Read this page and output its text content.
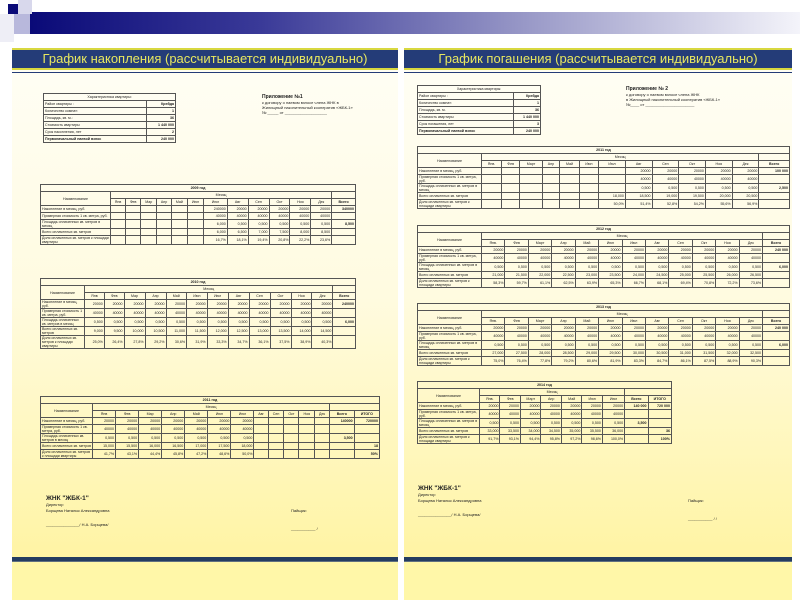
График накопления (рассчитывается индивидуально)
Характеристика квартиры:	
Район квартиры :	Крейда
Количество комнат:	1
Площадь, кв. м.:	36
Стоимость квартиры	1 440 000
Срок накопления, лет	2
Первоначальный паевой взнос	240 000
Приложение №1
к договору о паевом взносе члена ЖНК в
Жилищный накопительный кооператив «ЖБК-1»
№ _____ от ___________________
2009 год													
Наименование	Месяц												
	Янв	Фев	Мар	Апр	Май	Июн	Июл	Авг	Сен	Окт	Ноя	Дек	Всего
Накопление в месяц, руб.							240000	20000	20000	20000	20000	20000	340000
Примерная стоимость 1 кв. метра, руб.							40000	40000	40000	40000	40000	40000	
Площадь оплаченных кв. метров в месяц							6,000	0,500	0,500	0,500	0,500	0,500	8,500
Всего оплаченных кв. метров							6,000	6,500	7,000	7,500	8,000	8,500	
Доля оплаченных кв. метров к площади квартиры							16,7%	18,1%	19,4%	20,8%	22,2%	23,6%	
2010 год													
Наименование	Месяц												
	Янв	Фев	Мар	Апр	Май	Июн	Июл	Авг	Сен	Окт	Ноя	Дек	Всего
Накопление в месяц, руб.	20000	20000	20000	20000	20000	20000	20000	20000	20000	20000	20000	20000	240000
Примерная стоимость 1 кв. метра, руб.	40000	40000	40000	40000	40000	40000	40000	40000	40000	40000	40000	40000	
Площадь оплаченных кв. метров в месяц	0,500	0,500	0,500	0,500	0,500	0,500	0,500	0,500	0,500	0,500	0,500	0,500	6,000
Всего оплаченных кв. метров	9,000	9,500	10,000	10,500	11,000	11,500	12,000	12,500	13,000	13,500	14,000	14,500	
Доля оплаченных кв. метров к площади квартиры	25,0%	26,4%	27,8%	29,2%	30,6%	31,9%	33,3%	34,7%	36,1%	37,5%	38,9%	40,3%	
2011 год														
Наименование	Месяц													
	Янв	Фев	Мар	Апр	Май	Июн	Июл	Авг	Сен	Окт	Ноя	Дек	Всего	ИТОГО
Накопление в месяц, руб.	20000	20000	20000	20000	20000	20000	20000						140000	720000
Примерная стоимость 1 кв. метра, руб.	40000	40000	40000	40000	40000	40000	40000							
Площадь оплаченных кв. метров в месяц	0,500	0,500	0,500	0,500	0,500	0,500	0,500						3,500	
Всего оплаченных кв. метров	15,000	15,500	16,000	16,500	17,000	17,500	18,000							18
Доля оплаченных кв. метров к площади квартиры	41,7%	43,1%	44,4%	45,8%	47,2%	48,6%	50,0%							50%
ЖНК "ЖБК-1"
Директор
Борщева Наталья Александровна
_______________/ Н.А. Борщева/
Пайщик:
___________ /
График погашения (рассчитывается индивидуально)
Характеристика квартиры:	
Район квартиры :	Крейда
Количество комнат:	1
Площадь, кв. м.	36
Стоимость квартиры	1 440 000
Срок погашения, лет	3
Первоначальный паевой взнос	240 000
Приложение № 2
к договору о паевом взносе члена ЖНК
в Жилищный накопительный кооператив «ЖБК-1»
№____ от ______________________
2011 год													
Наименование	Месяц												
	Янв.	Фев	Март	Апр	Май	Июн	Июл	Авг	Сен	Окт	Ноя	Дек	Всего
Накопление в месяц, руб.								20000	20000	20000	20000	20000	100 000
Примерная стоимость 1 кв. метра, руб.								40000	40000	40000	40000	40000	
Площадь оплаченных кв. метров в месяц								0,500	0,500	0,500	0,500	0,500	2,500
Всего оплаченных кв. метров							18,000	18,500	19,000	19,500	20,000	20,500	
Доля оплаченных кв. метров к площади квартиры							50,0%	51,4%	52,8%	54,2%	55,6%	56,9%	
2012 год													
Наименование	Месяц												
	Янв.	Фев	Март	Апр	Май	Июн	Июл	Авг	Сен	Окт	Ноя	Дек	Всего
Накопление в месяц, руб.	20000	20000	20000	20000	20000	20000	20000	20000	20000	20000	20000	20000	240 000
Примерная стоимость 1 кв. метра, руб.	40000	40000	40000	40000	40000	40000	40000	40000	40000	40000	40000	40000	
Площадь оплаченных кв. метров в месяц	0,500	0,500	0,500	0,500	0,500	0,500	0,500	0,500	0,500	0,500	0,500	0,500	6,000
Всего оплаченных кв. метров	21,000	21,500	22,000	22,500	23,000	23,500	24,000	24,500	25,000	25,500	26,000	26,500	
Доля оплаченных кв. метров к площади квартиры	58,3%	59,7%	61,1%	62,5%	63,9%	65,3%	66,7%	68,1%	69,4%	70,8%	72,2%	73,6%	
2013 год													
Наименование	Месяц												
	Янв.	Фев	Март	Апр	Май	Июн	Июл	Авг	Сен	Окт	Ноя	Дек	Всего
Накопление в месяц, руб.	20000	20000	20000	20000	20000	20000	20000	20000	20000	20000	20000	20000	240 000
Примерная стоимость 1 кв. метра, руб.	40000	40000	40000	40000	40000	40000	40000	40000	40000	40000	40000	40000	
Площадь оплаченных кв. метров в месяц	0,500	0,500	0,500	0,500	0,500	0,500	0,500	0,500	0,500	0,500	0,500	0,500	6,000
Всего оплаченных кв. метров	27,000	27,500	28,000	28,500	29,000	29,500	30,000	30,500	31,000	31,500	32,000	32,500	
Доля оплаченных кв. метров к площади квартиры	75,0%	76,4%	77,8%	79,2%	80,6%	81,9%	83,3%	84,7%	86,1%	87,5%	88,9%	90,3%	
2014 год									
Наименование	Месяц								
	Янв.	Фев	Март	Апр	Май	Июн	Июл	Всего	ИТОГО
Накопление в месяц, руб.	20000	20000	20000	20000	20000	20000	20000	140 000	720 000
Примерная стоимость 1 кв. метра, руб.	40000	40000	40000	40000	40000	40000	40000		
Площадь оплаченных кв. метров в месяц	0,500	0,500	0,500	0,500	0,500	0,500	0,500	3,500	
Всего оплаченных кв. метров	33,000	33,500	34,000	34,500	35,000	35,500	36,000		36
Доля оплаченных кв. метров к площади квартиры	91,7%	93,1%	94,4%	95,8%	97,2%	98,6%	100,0%		100%
ЖНК "ЖБК-1"
Директор
Борщева Наталья Александровна
_______________/ Н.А. Борщева/
Пайщик:
___________ / /
